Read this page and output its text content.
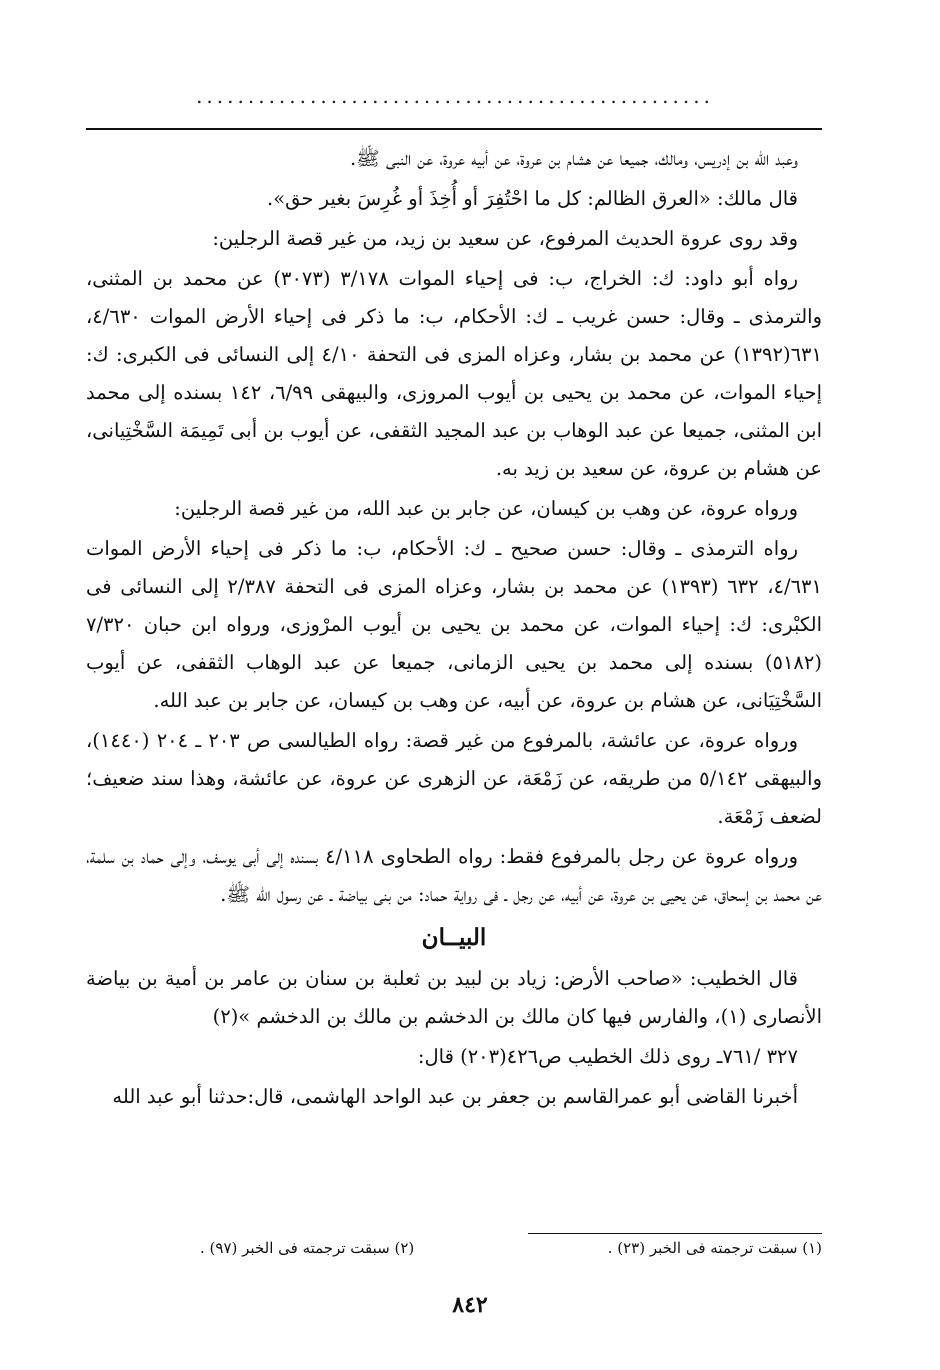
..................................................

وعبد الله بن إدريس، ومالك، جميعا عن هشام بن عروة، عن أبيه عروة، عن النبى ﷺ.

قال مالك: «العرق الظالم: كل ما احْتُفِرَ أو أُخِذَ أو غُرِسَ بغير حق».

وقد روى عروة الحديث المرفوع، عن سعيد بن زيد، من غير قصة الرجلين:

رواه أبو داود: ك: الخراج، ب: فى إحياء الموات ٣/١٧٨ (٣٠٧٣) عن محمد بن المثنى، والترمذى ـ وقال: حسن غريب ـ ك: الأحكام، ب: ما ذكر فى إحياء الأرض الموات ٤/٦٣٠، ٦٣١(١٣٩٢) عن محمد بن بشار، وعزاه المزى فى التحفة ٤/١٠ إلى النسائى فى الكبرى: ك: إحياء الموات، عن محمد بن يحيى بن أيوب المروزى، والبيهقى ٦/٩٩، ١٤٢ بسنده إلى محمد ابن المثنى، جميعا عن عبد الوهاب بن عبد المجيد الثقفى، عن أيوب بن أبى تَمِيمَة السَّخْتِيانى، عن هشام بن عروة، عن سعيد بن زيد به.

ورواه عروة، عن وهب بن كيسان، عن جابر بن عبد الله، من غير قصة الرجلين:

رواه الترمذى ـ وقال: حسن صحيح ـ ك: الأحكام، ب: ما ذكر فى إحياء الأرض الموات ٤/٦٣١، ٦٣٢ (١٣٩٣) عن محمد بن بشار، وعزاه المزى فى التحفة ٢/٣٨٧ إلى النسائى فى الكبْرى: ك: إحياء الموات، عن محمد بن يحيى بن أيوب المرْوزى، ورواه ابن حبان ٧/٣٢٠ (٥١٨٢) بسنده إلى محمد بن يحيى الزمانى، جميعا عن عبد الوهاب الثقفى، عن أيوب السَّخْتِيَانى، عن هشام بن عروة، عن أبيه، عن وهب بن كيسان، عن جابر بن عبد الله.

ورواه عروة، عن عائشة، بالمرفوع من غير قصة: رواه الطيالسى ص ٢٠٣ ـ ٢٠٤ (١٤٤٠)، والبيهقى ٥/١٤٢ من طريقه، عن زَمْعَة، عن الزهرى عن عروة، عن عائشة، وهذا سند ضعيف؛ لضعف زَمْعَة.

ورواه عروة عن رجل بالمرفوع فقط: رواه الطحاوى ٤/١١٨ بسنده إلى أبى يوسف، وإلى حماد بن سلمة، عن محمد بن إسحاق، عن يحيى بن عروة، عن أبيه، عن رجل ـ فى رواية حماد: من بنى بياضة ـ عن رسول الله ﷺ.

البيــان

قال الخطيب: «صاحب الأرض: زياد بن لبيد بن ثعلبة بن سنان بن عامر بن أمية بن بياضة الأنصارى (١)، والفارس فيها كان مالك بن الدخشم بن مالك بن الدخشم »(٢)

٣٢٧ /٧٦١ـ روى ذلك الخطيب ص٤٢٦(٢٠٣) قال:

أخبرنا القاضى أبو عمرالقاسم بن جعفر بن عبد الواحد الهاشمى، قال:حدثنا أبو عبد الله

(١) سبقت ترجمته فى الخبر (٢٣) .
(٢) سبقت ترجمته فى الخبر (٩٧) .
٨٤٢
